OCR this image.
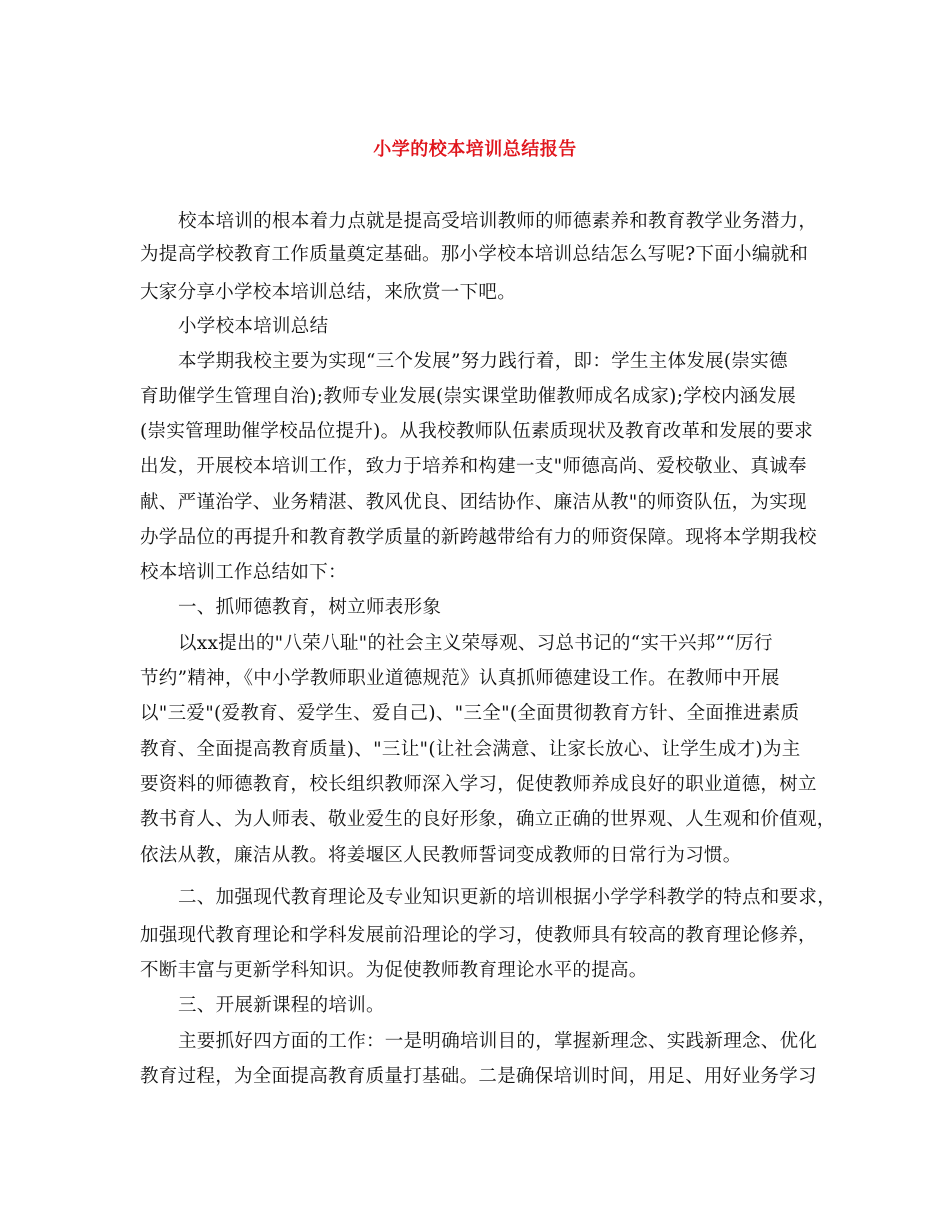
小学的校本培训总结报告
校本培训的根本着力点就是提高受培训教师的师德素养和教育教学业务潜力，
为提高学校教育工作质量奠定基础。那小学校本培训总结怎么写呢?下面小编就和
大家分享小学校本培训总结，来欣赏一下吧。
小学校本培训总结
本学期我校主要为实现“三个发展”努力践行着，即：学生主体发展(崇实德
育助催学生管理自治);教师专业发展(崇实课堂助催教师成名成家);学校内涵发展
(崇实管理助催学校品位提升)。从我校教师队伍素质现状及教育改革和发展的要求
出发，开展校本培训工作，致力于培养和构建一支"师德高尚、爱校敬业、真诚奉
献、严谨治学、业务精湛、教风优良、团结协作、廉洁从教"的师资队伍，为实现
办学品位的再提升和教育教学质量的新跨越带给有力的师资保障。现将本学期我校
校本培训工作总结如下：
一、抓师德教育，树立师表形象
以xx提出的"八荣八耻"的社会主义荣辱观、习总书记的“实干兴邦”“厉行
节约”精神，《中小学教师职业道德规范》认真抓师德建设工作。在教师中开展
以"三爱"(爱教育、爱学生、爱自己)、"三全"(全面贯彻教育方针、全面推进素质
教育、全面提高教育质量)、"三让"(让社会满意、让家长放心、让学生成才)为主
要资料的师德教育，校长组织教师深入学习，促使教师养成良好的职业道德，树立
教书育人、为人师表、敬业爱生的良好形象，确立正确的世界观、人生观和价值观，
依法从教，廉洁从教。将姜堰区人民教师誓词变成教师的日常行为习惯。
二、加强现代教育理论及专业知识更新的培训根据小学学科教学的特点和要求，
加强现代教育理论和学科发展前沿理论的学习，使教师具有较高的教育理论修养，
不断丰富与更新学科知识。为促使教师教育理论水平的提高。
三、开展新课程的培训。
主要抓好四方面的工作：一是明确培训目的，掌握新理念、实践新理念、优化
教育过程，为全面提高教育质量打基础。二是确保培训时间，用足、用好业务学习
